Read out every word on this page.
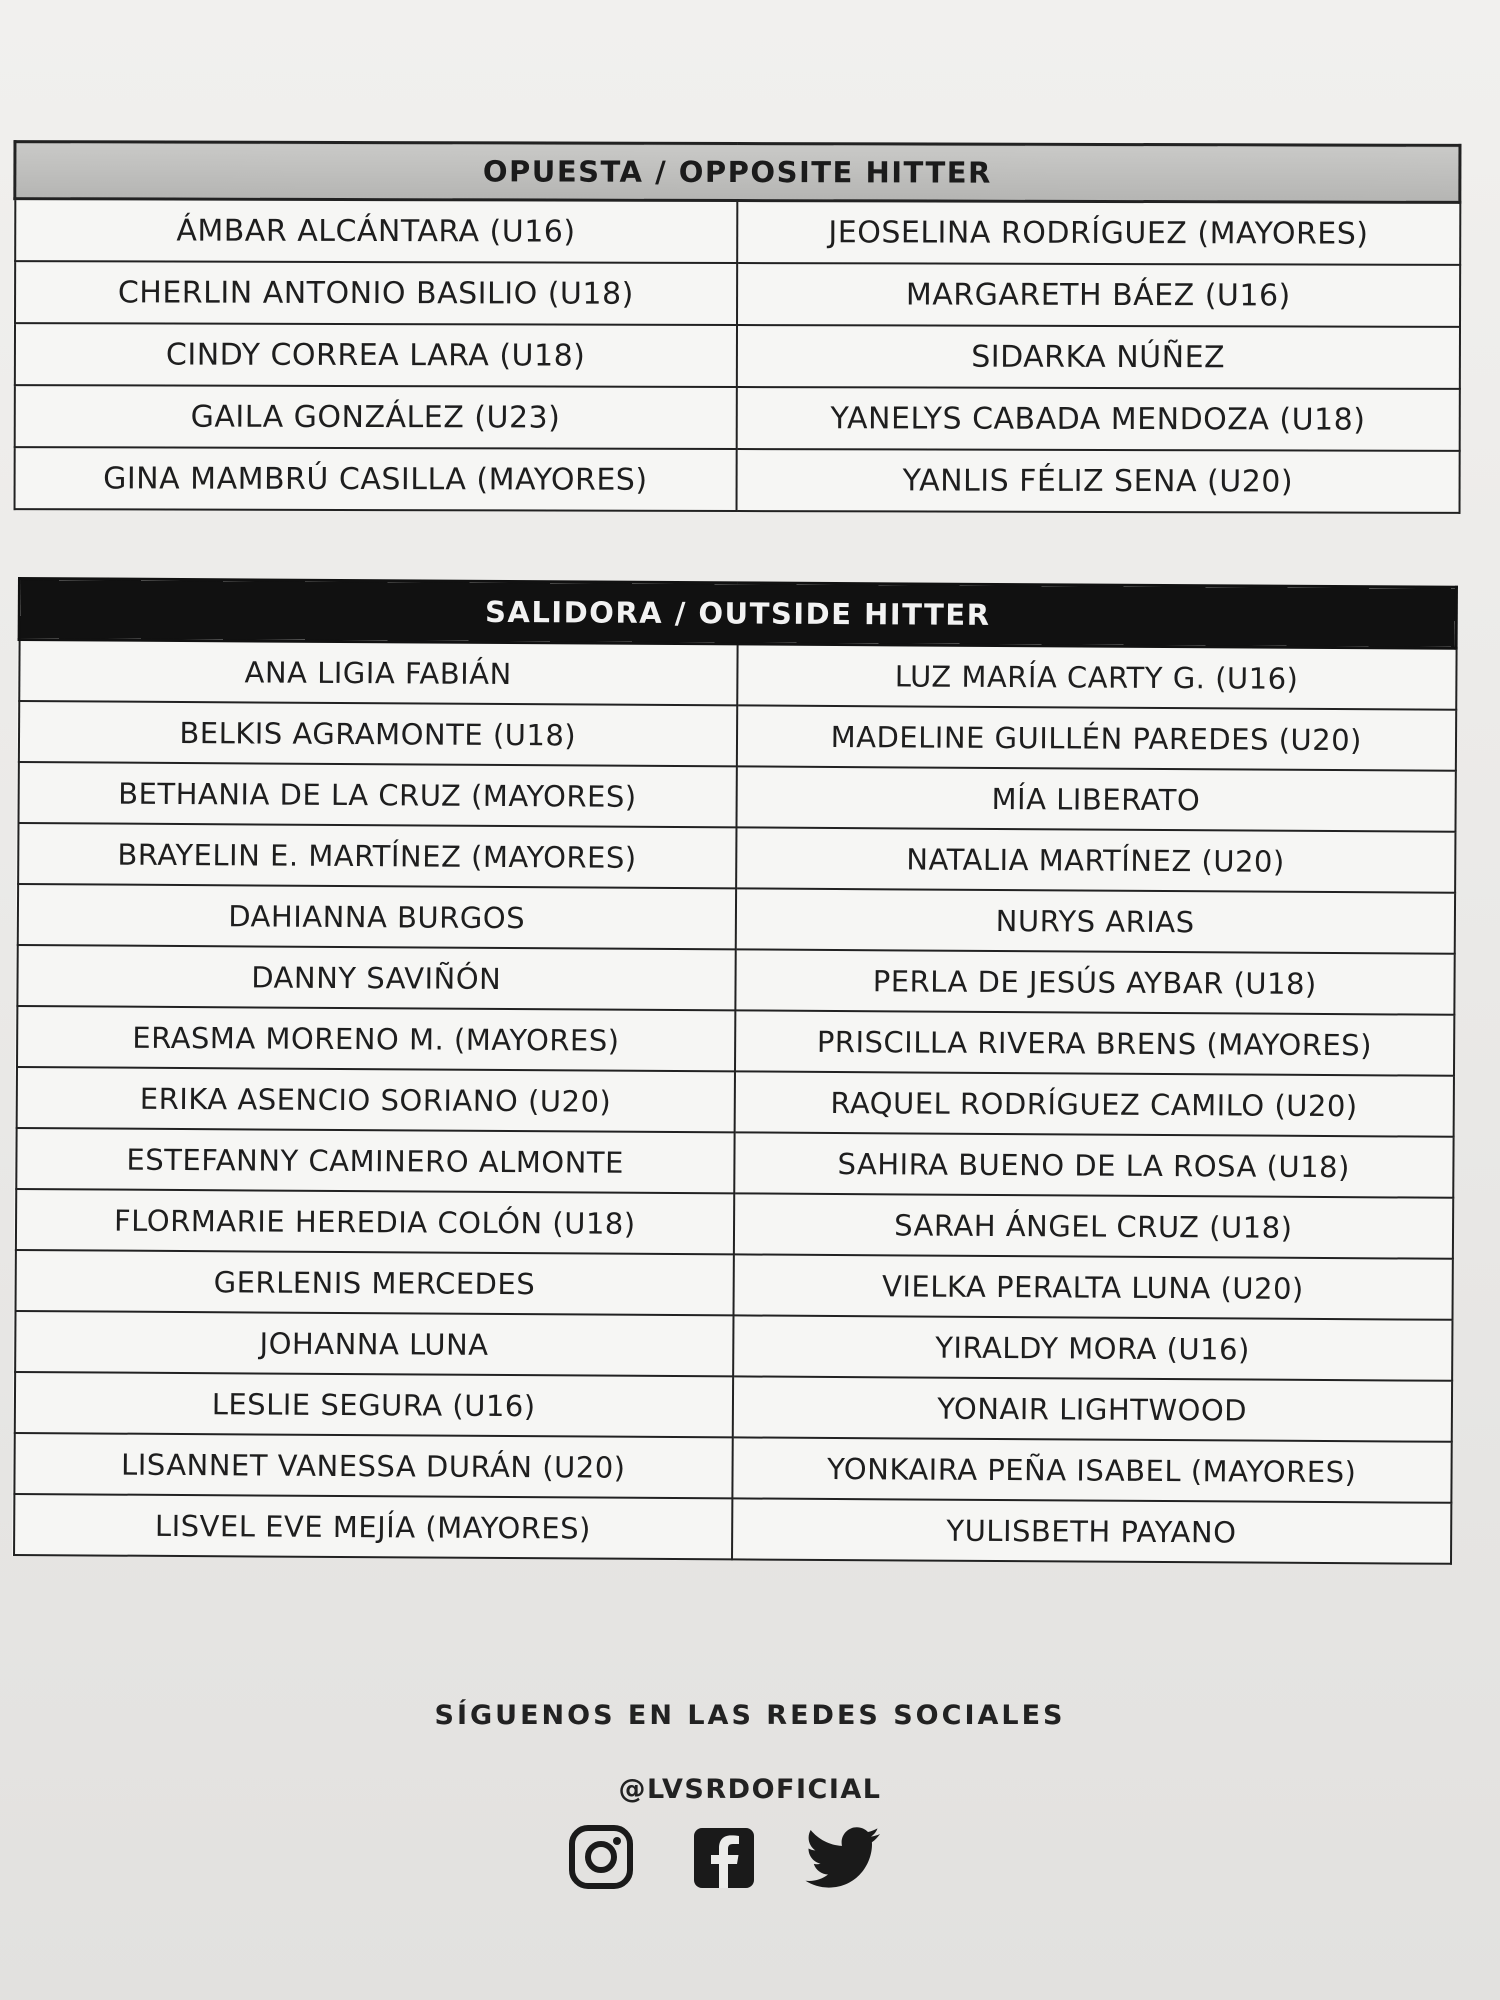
OPUESTA / OPPOSITE HITTER	
ÁMBAR ALCÁNTARA (U16)	JEOSELINA RODRÍGUEZ (MAYORES)
CHERLIN ANTONIO BASILIO (U18)	MARGARETH BÁEZ (U16)
CINDY CORREA LARA (U18)	SIDARKA NÚÑEZ
GAILA GONZÁLEZ (U23)	YANELYS CABADA MENDOZA (U18)
GINA MAMBRÚ CASILLA (MAYORES)	YANLIS FÉLIZ SENA (U20)
SALIDORA / OUTSIDE HITTER	
ANA LIGIA FABIÁN	LUZ MARÍA CARTY G. (U16)
BELKIS AGRAMONTE (U18)	MADELINE GUILLÉN PAREDES (U20)
BETHANIA DE LA CRUZ (MAYORES)	MÍA LIBERATO
BRAYELIN E. MARTÍNEZ (MAYORES)	NATALIA MARTÍNEZ (U20)
DAHIANNA BURGOS	NURYS ARIAS
DANNY SAVIÑÓN	PERLA DE JESÚS AYBAR (U18)
ERASMA MORENO M. (MAYORES)	PRISCILLA RIVERA BRENS (MAYORES)
ERIKA ASENCIO SORIANO (U20)	RAQUEL RODRÍGUEZ CAMILO (U20)
ESTEFANNY CAMINERO ALMONTE	SAHIRA BUENO DE LA ROSA (U18)
FLORMARIE HEREDIA COLÓN (U18)	SARAH ÁNGEL CRUZ (U18)
GERLENIS MERCEDES	VIELKA PERALTA LUNA (U20)
JOHANNA LUNA	YIRALDY MORA (U16)
LESLIE SEGURA (U16)	YONAIR LIGHTWOOD
LISANNET VANESSA DURÁN (U20)	YONKAIRA PEÑA ISABEL (MAYORES)
LISVEL EVE MEJÍA (MAYORES)	YULISBETH PAYANO
SÍGUENOS EN LAS REDES SOCIALES
@LVSRDOFICIAL
